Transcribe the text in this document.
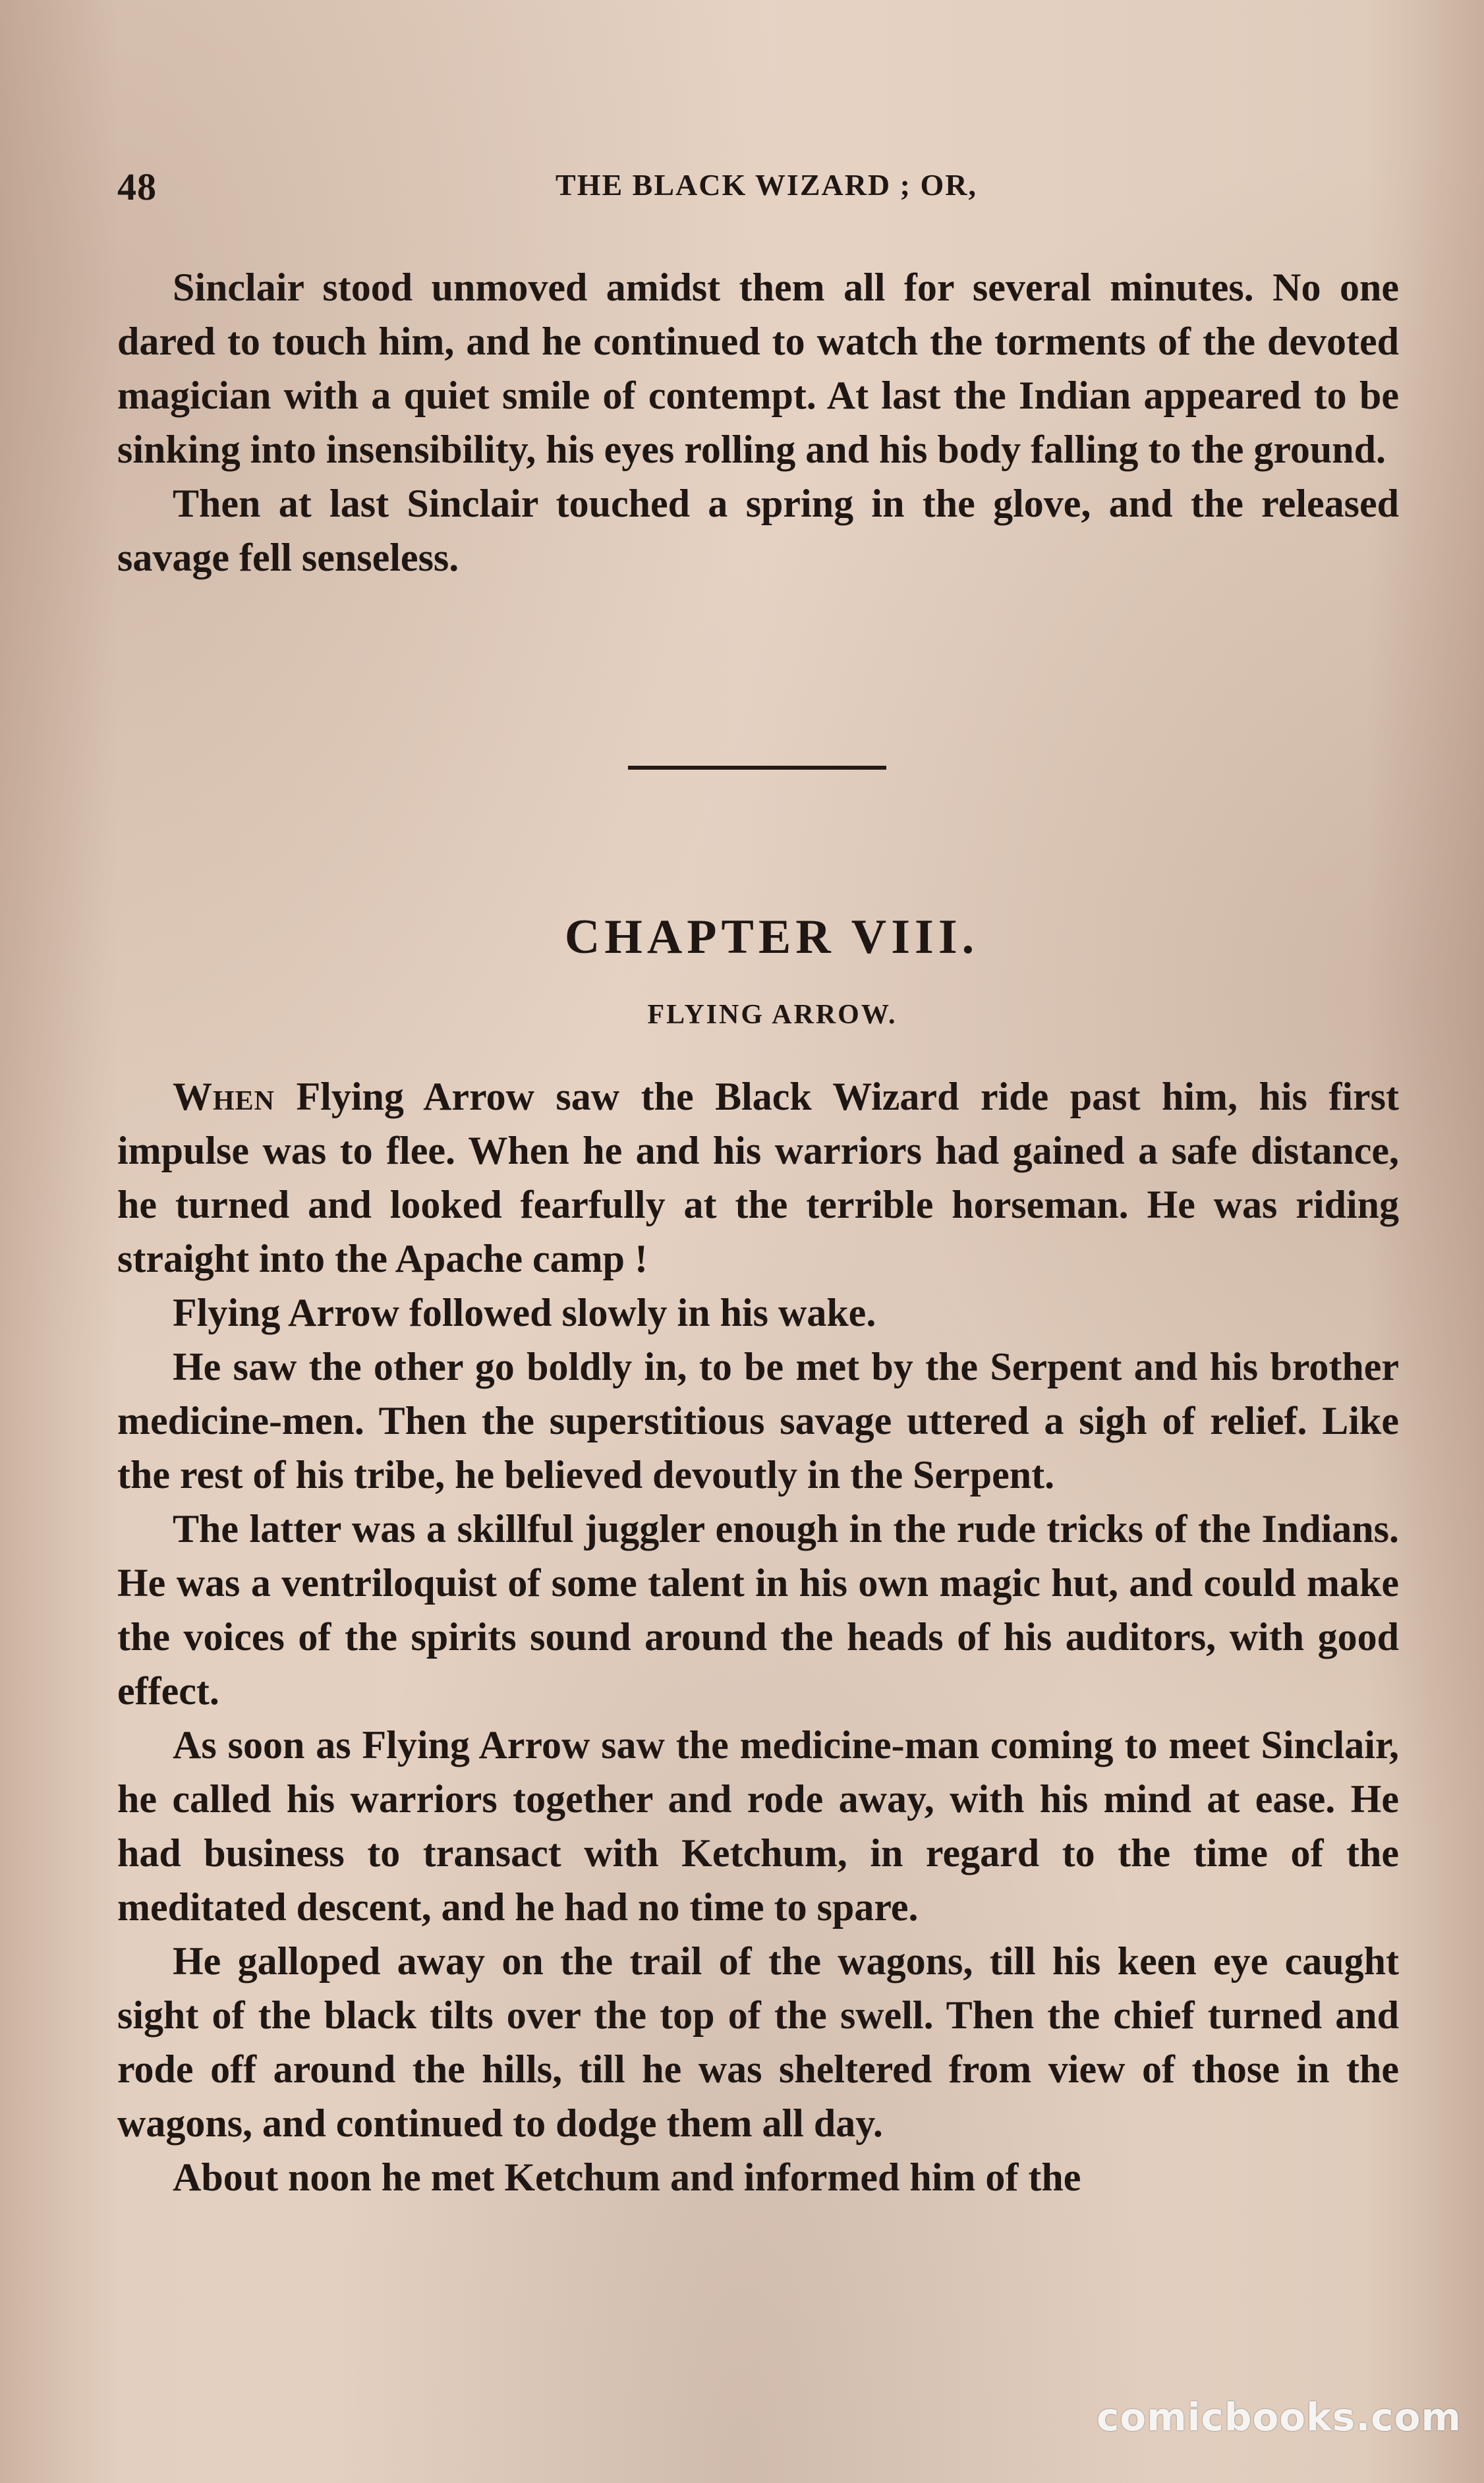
48	THE BLACK WIZARD ; OR,

Sinclair stood unmoved amidst them all for several minutes. No one dared to touch him, and he continued to watch the torments of the devoted magician with a quiet smile of contempt. At last the Indian appeared to be sinking into insensibility, his eyes rolling and his body falling to the ground.

Then at last Sinclair touched a spring in the glove, and the released savage fell senseless.

CHAPTER VIII.
FLYING ARROW.

When Flying Arrow saw the Black Wizard ride past him, his first impulse was to flee. When he and his warriors had gained a safe distance, he turned and looked fearfully at the terrible horseman. He was riding straight into the Apache camp !

Flying Arrow followed slowly in his wake.

He saw the other go boldly in, to be met by the Serpent and his brother medicine-men. Then the superstitious savage uttered a sigh of relief. Like the rest of his tribe, he believed devoutly in the Serpent.

The latter was a skillful juggler enough in the rude tricks of the Indians. He was a ventriloquist of some talent in his own magic hut, and could make the voices of the spirits sound around the heads of his auditors, with good effect.

As soon as Flying Arrow saw the medicine-man coming to meet Sinclair, he called his warriors together and rode away, with his mind at ease. He had business to transact with Ketchum, in regard to the time of the meditated descent, and he had no time to spare.

He galloped away on the trail of the wagons, till his keen eye caught sight of the black tilts over the top of the swell. Then the chief turned and rode off around the hills, till he was sheltered from view of those in the wagons, and continued to dodge them all day.

About noon he met Ketchum and informed him of the

comicbooks.com
